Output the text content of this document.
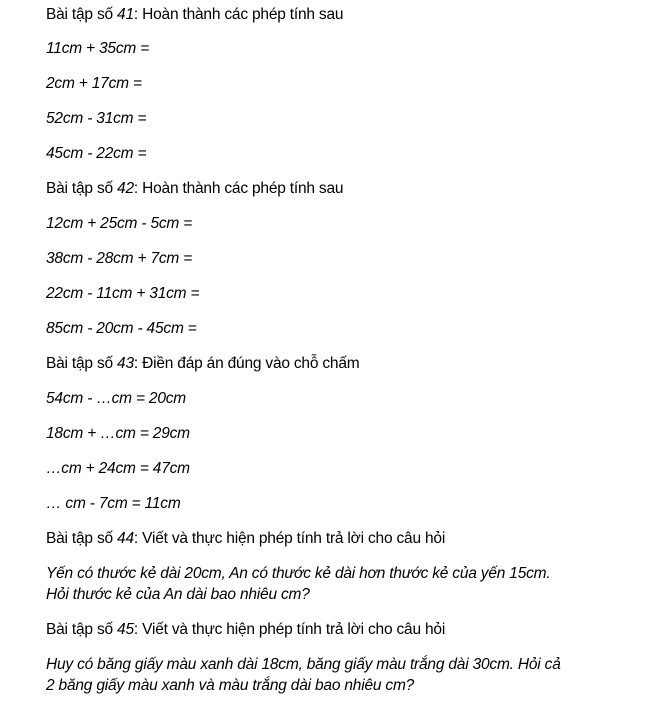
Bài tập số 41: Hoàn thành các phép tính sau
11cm + 35cm =
2cm + 17cm =
52cm - 31cm =
45cm - 22cm =
Bài tập số 42: Hoàn thành các phép tính sau
12cm + 25cm - 5cm =
38cm - 28cm + 7cm =
22cm - 11cm + 31cm =
85cm - 20cm - 45cm =
Bài tập số 43: Điền đáp án đúng vào chỗ chấm
54cm - …cm = 20cm
18cm + …cm = 29cm
…cm + 24cm = 47cm
… cm - 7cm = 11cm
Bài tập số 44: Viết và thực hiện phép tính trả lời cho câu hỏi
Yến có thước kẻ dài 20cm, An có thước kẻ dài hơn thước kẻ của yến 15cm.
Hỏi thước kẻ của An dài bao nhiêu cm?
Bài tập số 45: Viết và thực hiện phép tính trả lời cho câu hỏi
Huy có băng giấy màu xanh dài 18cm, băng giấy màu trắng dài 30cm. Hỏi cả
2 băng giấy màu xanh và màu trắng dài bao nhiêu cm?
